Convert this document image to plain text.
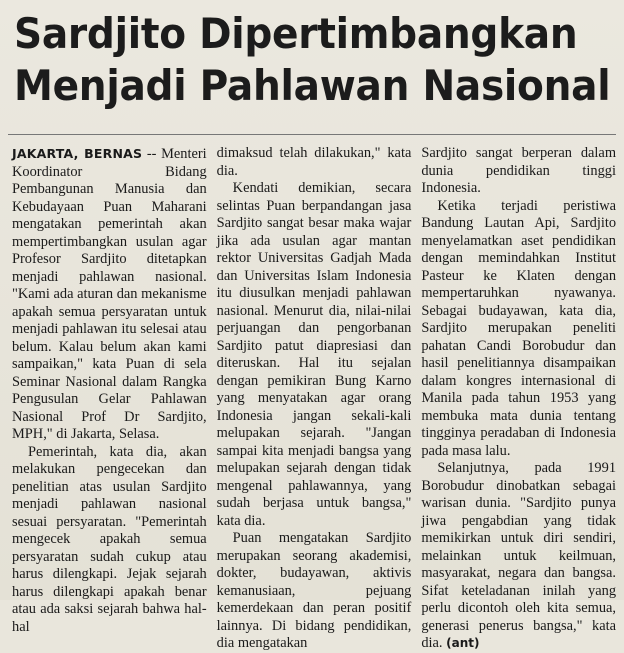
Sardjito Dipertimbangkan
Menjadi Pahlawan Nasional

JAKARTA, BERNAS -- Menteri Koordinator Bidang Pembangunan Manusia dan Kebudayaan Puan Maharani mengatakan pemerintah akan mempertimbangkan usulan agar Profesor Sardjito ditetapkan menjadi pahlawan nasional. "Kami ada aturan dan mekanisme apakah semua persyaratan untuk menjadi pahlawan itu selesai atau belum. Kalau belum akan kami sampaikan," kata Puan di sela Seminar Nasional dalam Rangka Pengusulan Gelar Pahlawan Nasional Prof Dr Sardjito, MPH," di Jakarta, Selasa.

Pemerintah, kata dia, akan melakukan pengecekan dan penelitian atas usulan Sardjito menjadi pahlawan nasional sesuai persyaratan. "Pemerintah mengecek apakah semua persyaratan sudah cukup atau harus dilengkapi. Jejak sejarah harus dilengkapi apakah benar atau ada saksi sejarah bahwa hal-hal

dimaksud telah dilakukan," kata dia.

Kendati demikian, secara selintas Puan berpandangan jasa Sardjito sangat besar maka wajar jika ada usulan agar mantan rektor Universitas Gadjah Mada dan Universitas Islam Indonesia itu diusulkan menjadi pahlawan nasional. Menurut dia, nilai-nilai perjuangan dan pengorbanan Sardjito patut diapresiasi dan diteruskan. Hal itu sejalan dengan pemikiran Bung Karno yang menyatakan agar orang Indonesia jangan sekali-kali melupakan sejarah. "Jangan sampai kita menjadi bangsa yang melupakan sejarah dengan tidak mengenal pahlawannya, yang sudah berjasa untuk bangsa," kata dia.

Puan mengatakan Sardjito merupakan seorang akademisi, dokter, budayawan, aktivis kemanusiaan, pejuang kemerdekaan dan peran positif lainnya. Di bidang pendidikan, dia mengatakan

Sardjito sangat berperan dalam dunia pendidikan tinggi Indonesia.

Ketika terjadi peristiwa Bandung Lautan Api, Sardjito menyelamatkan aset pendidikan dengan memindahkan Institut Pasteur ke Klaten dengan mempertaruhkan nyawanya. Sebagai budayawan, kata dia, Sardjito merupakan peneliti pahatan Candi Borobudur dan hasil penelitiannya disampaikan dalam kongres internasional di Manila pada tahun 1953 yang membuka mata dunia tentang tingginya peradaban di Indonesia pada masa lalu.

Selanjutnya, pada 1991 Borobudur dinobatkan sebagai warisan dunia. "Sardjito punya jiwa pengabdian yang tidak memikirkan untuk diri sendiri, melainkan untuk keilmuan, masyarakat, negara dan bangsa. Sifat keteladanan inilah yang perlu dicontoh oleh kita semua, generasi penerus bangsa," kata dia. (ant)
